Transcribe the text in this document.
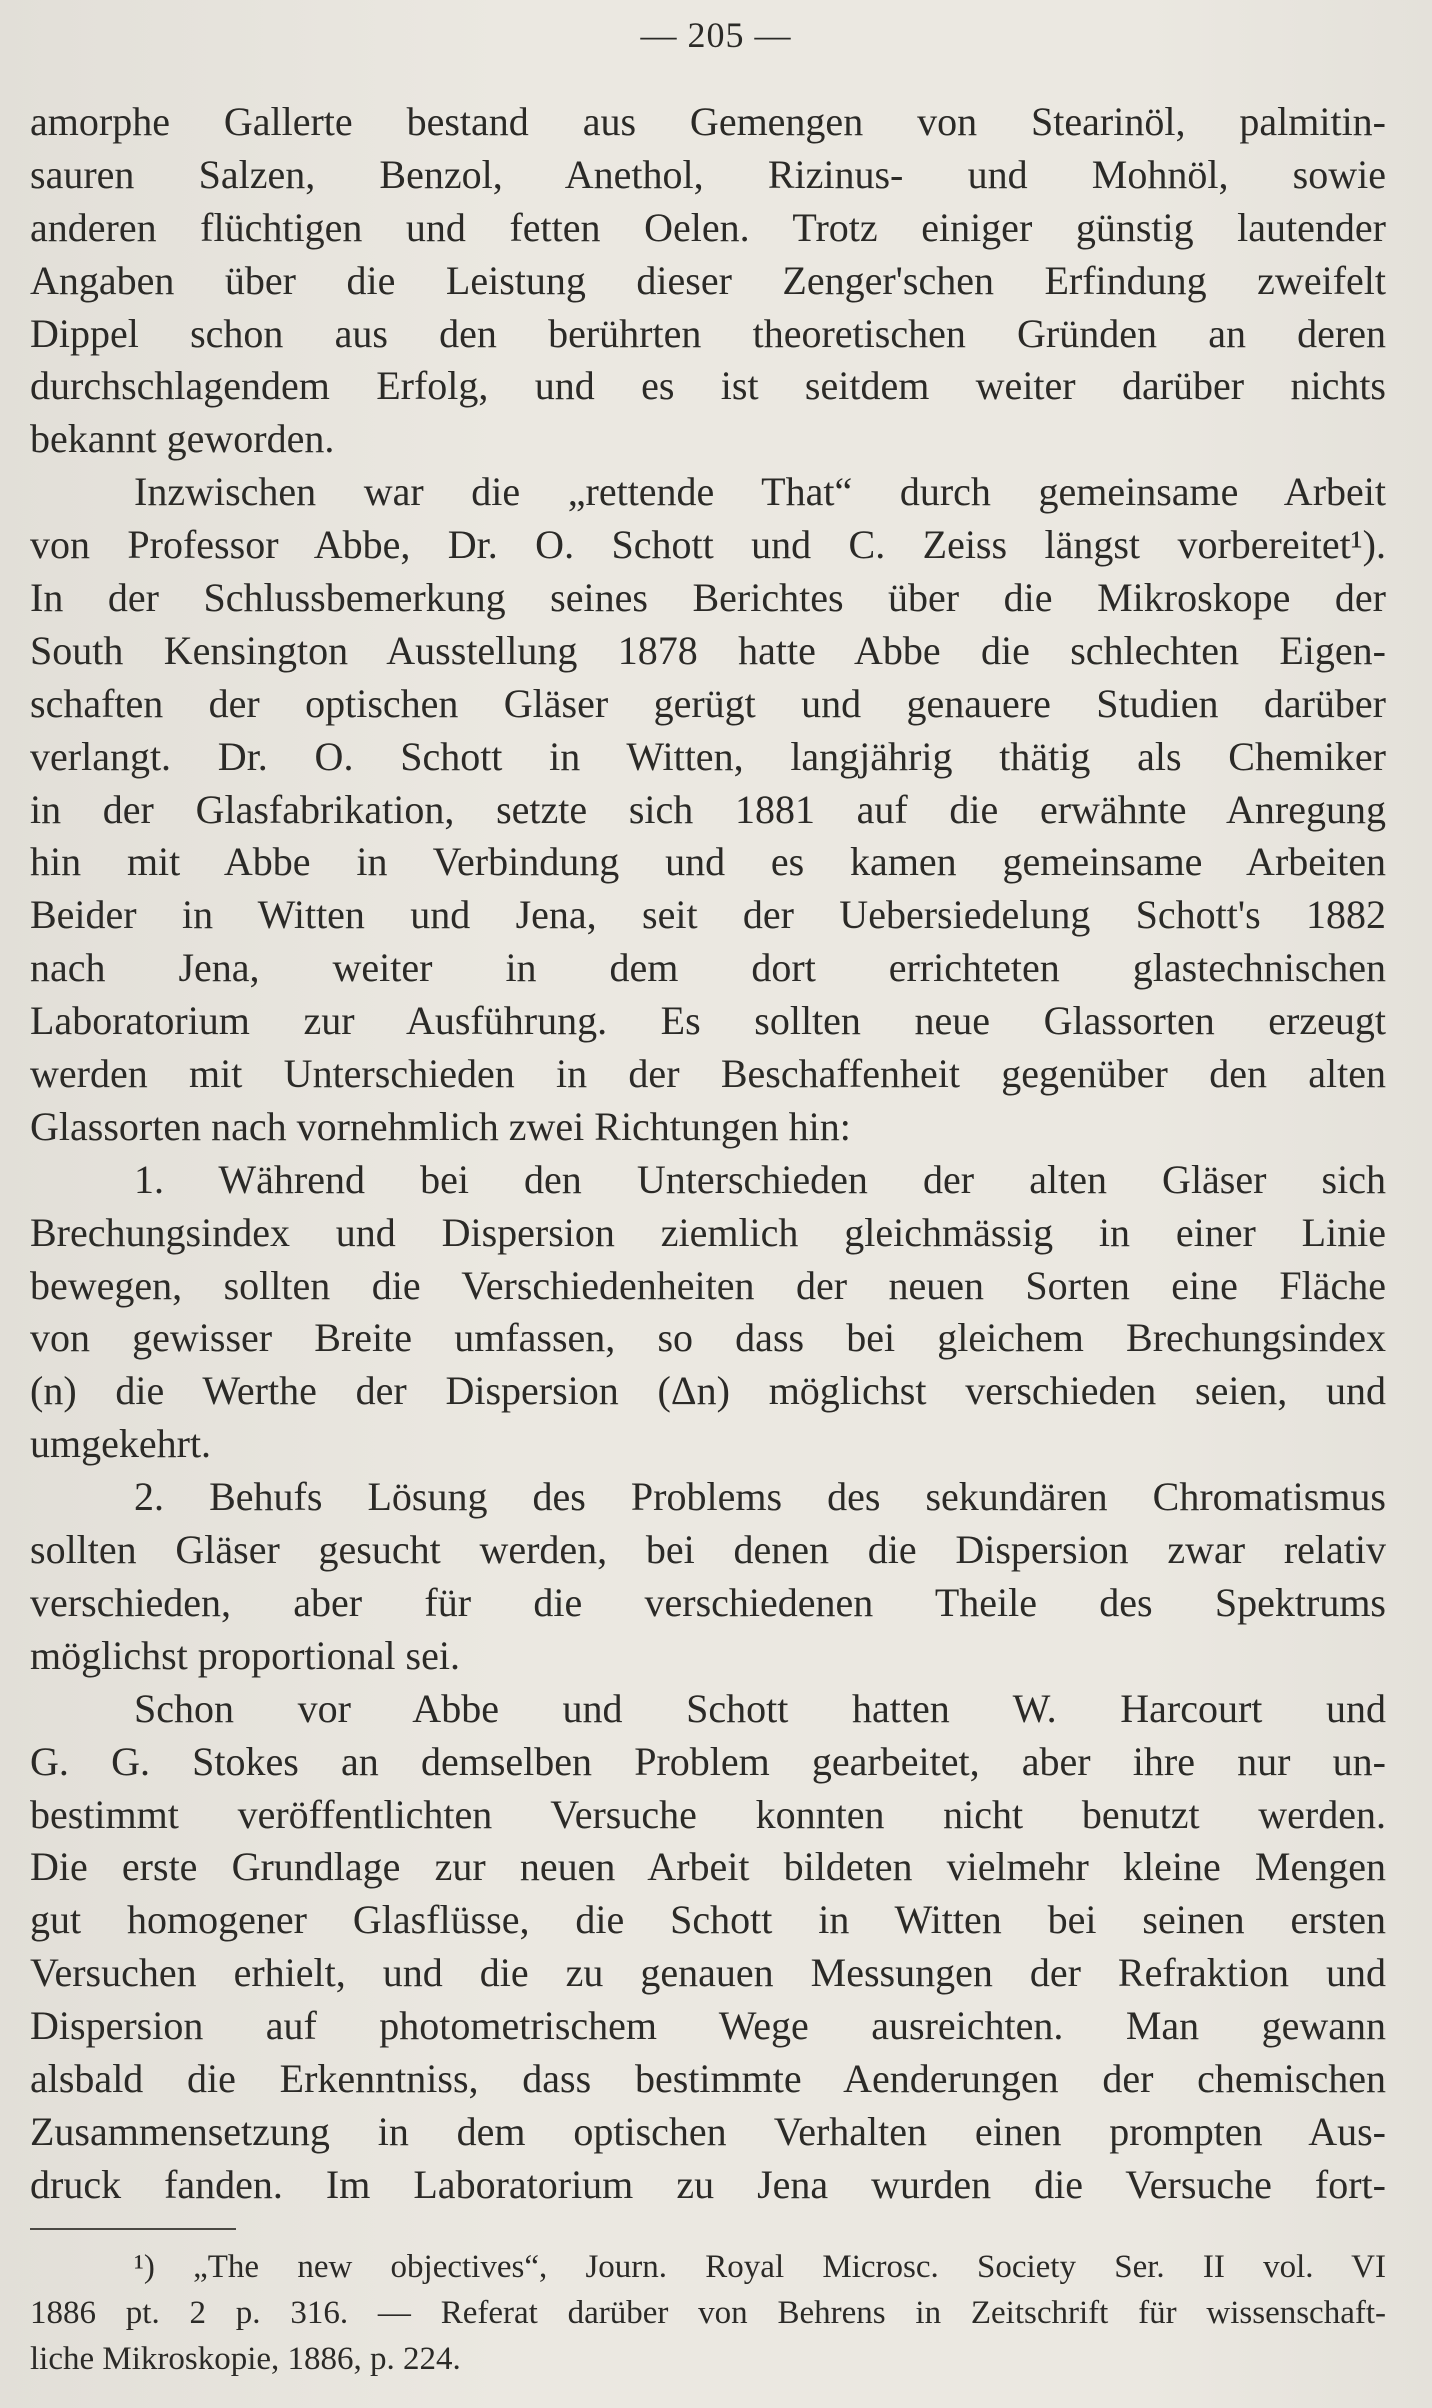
— 205 —
amorphe Gallerte bestand aus Gemengen von Stearinöl, palmitin-
sauren Salzen, Benzol, Anethol, Rizinus- und Mohnöl, sowie
anderen flüchtigen und fetten Oelen. Trotz einiger günstig lautender
Angaben über die Leistung dieser Zenger'schen Erfindung zweifelt
Dippel schon aus den berührten theoretischen Gründen an deren
durchschlagendem Erfolg, und es ist seitdem weiter darüber nichts
bekannt geworden.
Inzwischen war die „rettende That“ durch gemeinsame Arbeit
von Professor Abbe, Dr. O. Schott und C. Zeiss längst vorbereitet¹).
In der Schlussbemerkung seines Berichtes über die Mikroskope der
South Kensington Ausstellung 1878 hatte Abbe die schlechten Eigen-
schaften der optischen Gläser gerügt und genauere Studien darüber
verlangt. Dr. O. Schott in Witten, langjährig thätig als Chemiker
in der Glasfabrikation, setzte sich 1881 auf die erwähnte Anregung
hin mit Abbe in Verbindung und es kamen gemeinsame Arbeiten
Beider in Witten und Jena, seit der Uebersiedelung Schott's 1882
nach Jena, weiter in dem dort errichteten glastechnischen
Laboratorium zur Ausführung. Es sollten neue Glassorten erzeugt
werden mit Unterschieden in der Beschaffenheit gegenüber den alten
Glassorten nach vornehmlich zwei Richtungen hin:
1. Während bei den Unterschieden der alten Gläser sich
Brechungsindex und Dispersion ziemlich gleichmässig in einer Linie
bewegen, sollten die Verschiedenheiten der neuen Sorten eine Fläche
von gewisser Breite umfassen, so dass bei gleichem Brechungsindex
(n) die Werthe der Dispersion (Δn) möglichst verschieden seien, und
umgekehrt.
2. Behufs Lösung des Problems des sekundären Chromatismus
sollten Gläser gesucht werden, bei denen die Dispersion zwar relativ
verschieden, aber für die verschiedenen Theile des Spektrums
möglichst proportional sei.
Schon vor Abbe und Schott hatten W. Harcourt und
G. G. Stokes an demselben Problem gearbeitet, aber ihre nur un-
bestimmt veröffentlichten Versuche konnten nicht benutzt werden.
Die erste Grundlage zur neuen Arbeit bildeten vielmehr kleine Mengen
gut homogener Glasflüsse, die Schott in Witten bei seinen ersten
Versuchen erhielt, und die zu genauen Messungen der Refraktion und
Dispersion auf photometrischem Wege ausreichten. Man gewann
alsbald die Erkenntniss, dass bestimmte Aenderungen der chemischen
Zusammensetzung in dem optischen Verhalten einen prompten Aus-
druck fanden. Im Laboratorium zu Jena wurden die Versuche fort-
¹) „The new objectives“, Journ. Royal Microsc. Society Ser. II vol. VI
1886 pt. 2 p. 316. — Referat darüber von Behrens in Zeitschrift für wissenschaft-
liche Mikroskopie, 1886, p. 224.
